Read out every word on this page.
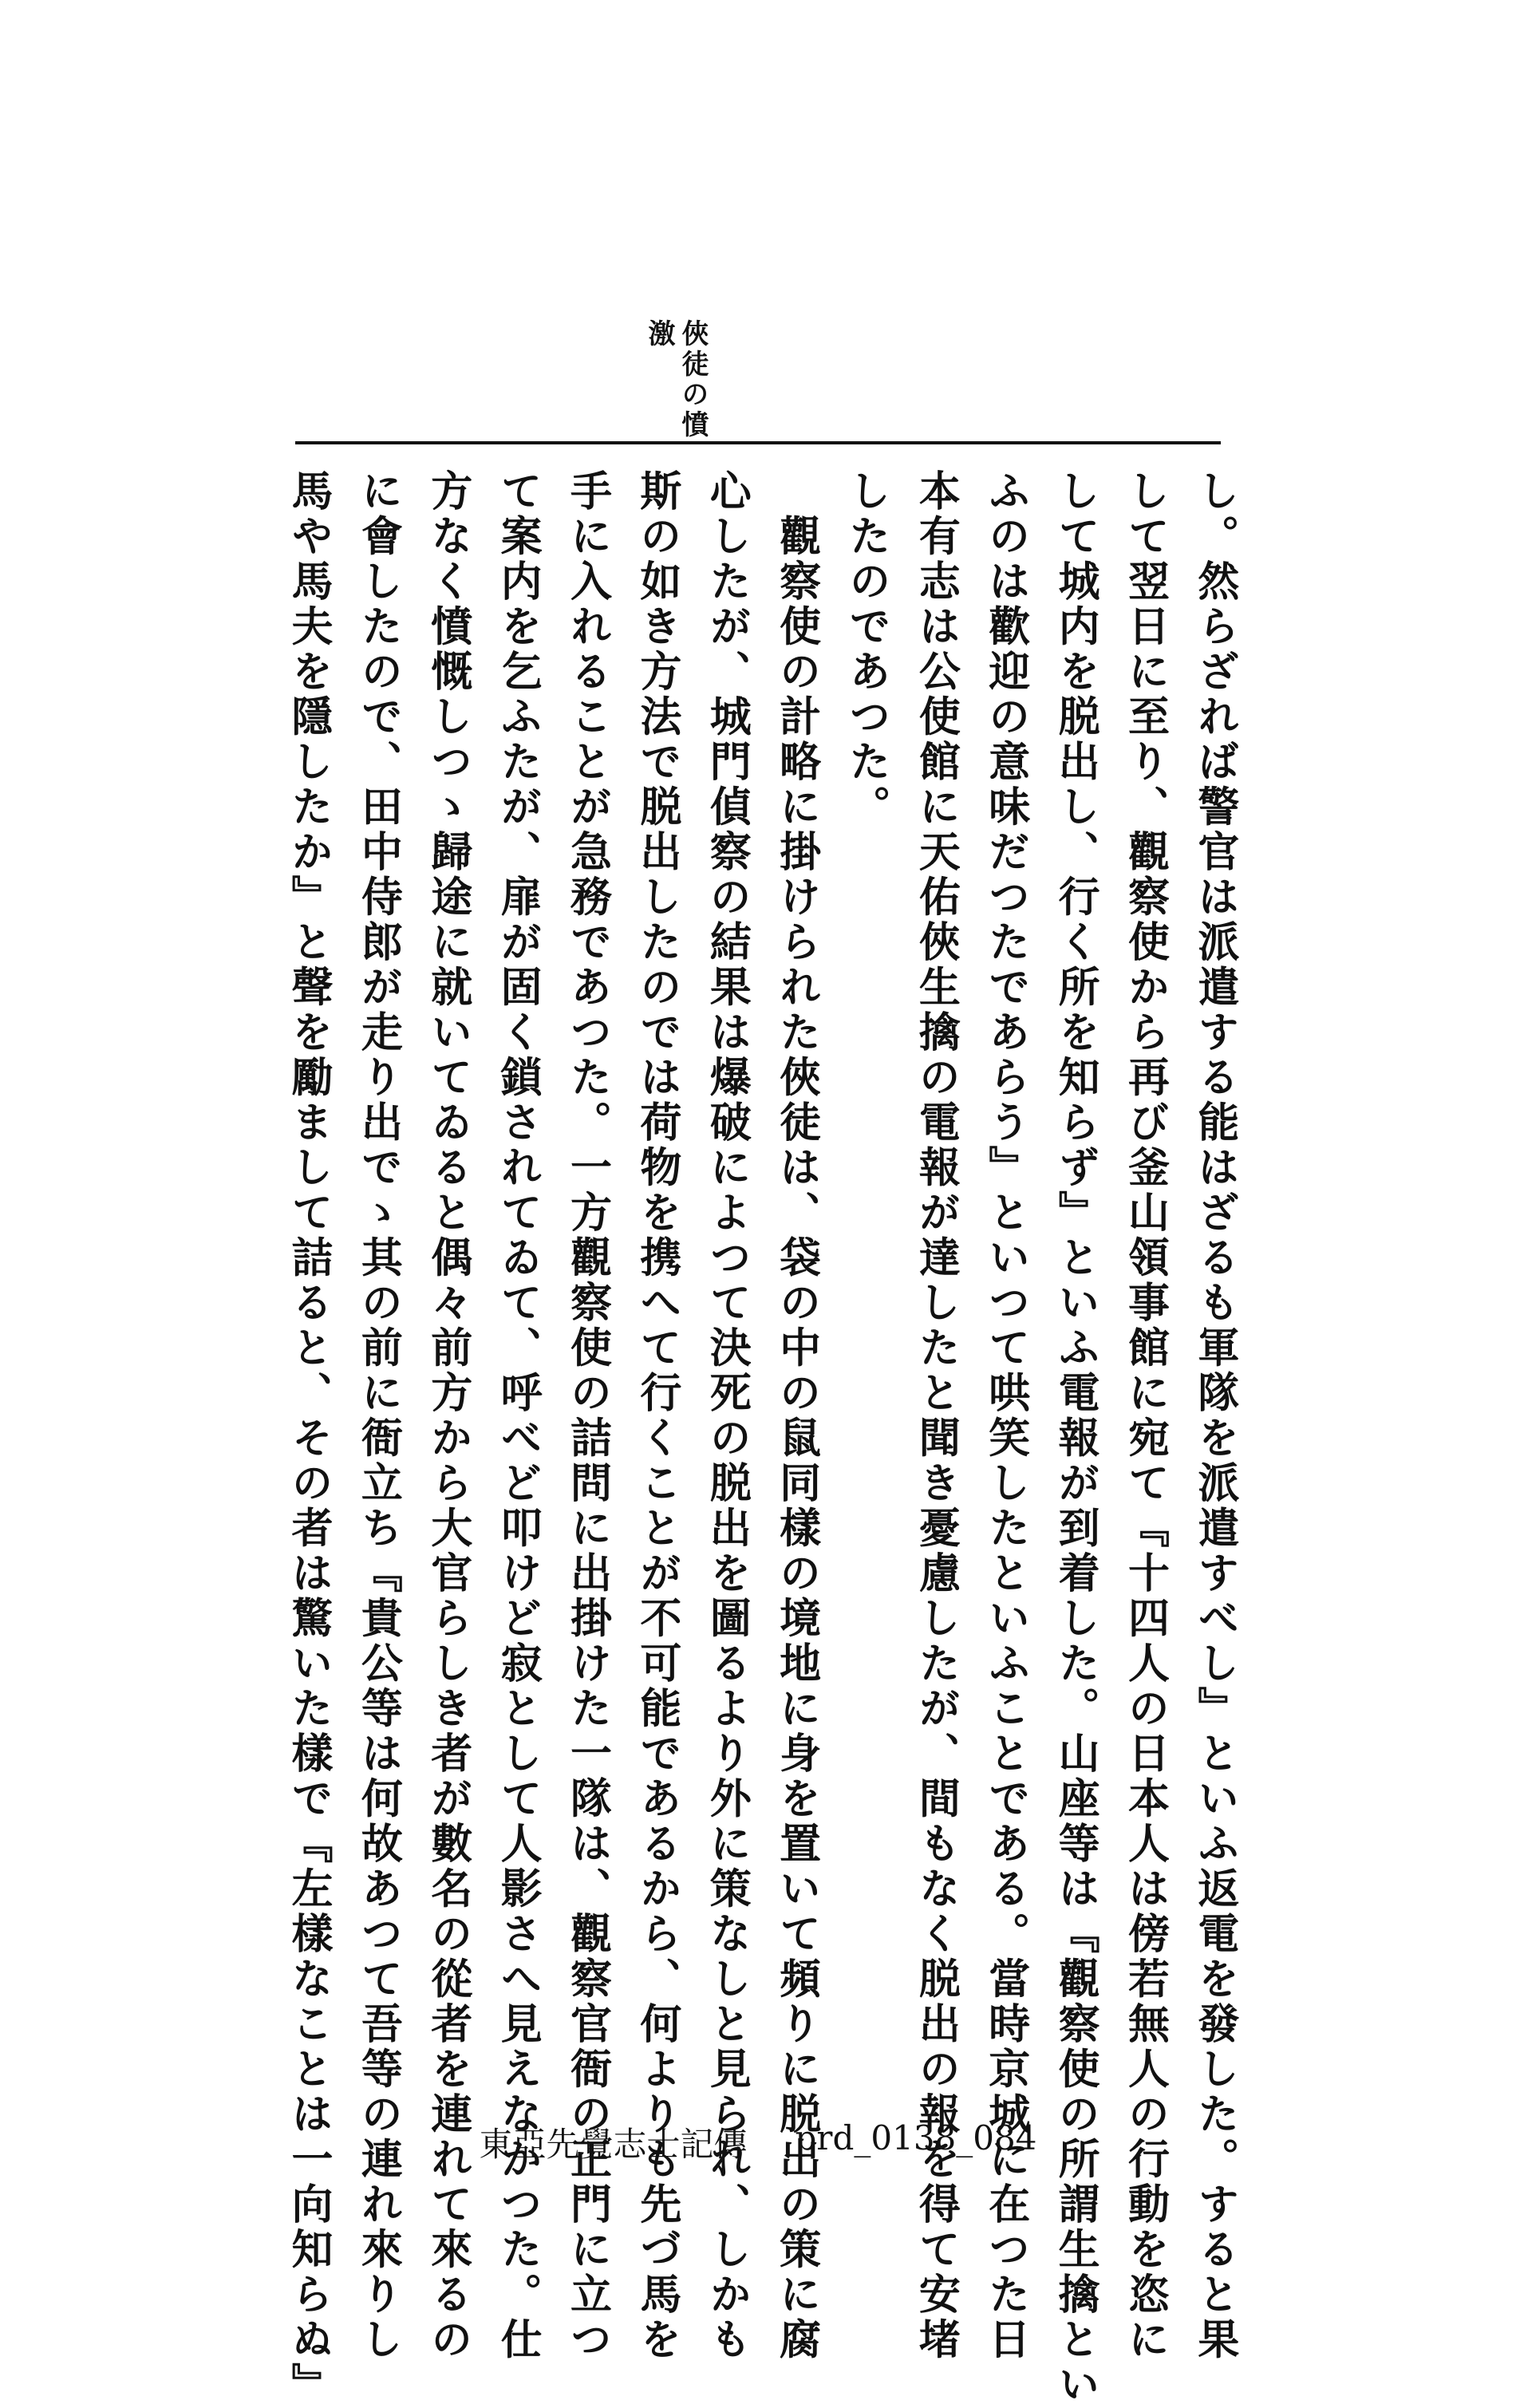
俠徒の憤
激
し。然らざれば警官は派遣する能はざるも軍隊を派遣すべし』といふ返電を發した。すると果
して翌日に至り、觀察使から再び釜山領事館に宛て『十四人の日本人は傍若無人の行動を恣に
して城内を脱出し、行く所を知らず』といふ電報が到着した。山座等は『觀察使の所謂生擒とい
ふのは歡迎の意味だつたであらう』といつて哄笑したといふことである。當時京城に在つた日
本有志は公使館に天佑俠生擒の電報が達したと聞き憂慮したが、間もなく脱出の報を得て安堵
したのであつた。
　觀察使の計略に掛けられた俠徒は、袋の中の鼠同樣の境地に身を置いて頻りに脱出の策に腐
心したが、城門偵察の結果は爆破によつて決死の脱出を圖るより外に策なしと見られ、しかも
斯の如き方法で脱出したのでは荷物を携へて行くことが不可能であるから、何よりも先づ馬を
手に入れることが急務であつた。一方觀察使の詰問に出掛けた一隊は、觀察官衙の正門に立つ
て案内を乞ふたが、扉が固く鎖されてゐて、呼べど叩けど寂として人影さへ見えなかつた。仕
方なく憤慨しつゝ歸途に就いてゐると偶々前方から大官らしき者が數名の從者を連れて來るの
に會したので、田中侍郎が走り出でゝ其の前に衙立ち『貴公等は何故あつて吾等の連れ來りし
馬や馬夫を隱したか』と聲を勵まして詰ると、その者は驚いた樣で『左樣なことは一向知らぬ』	東亞先覺志士記傳 prd_0138_084
